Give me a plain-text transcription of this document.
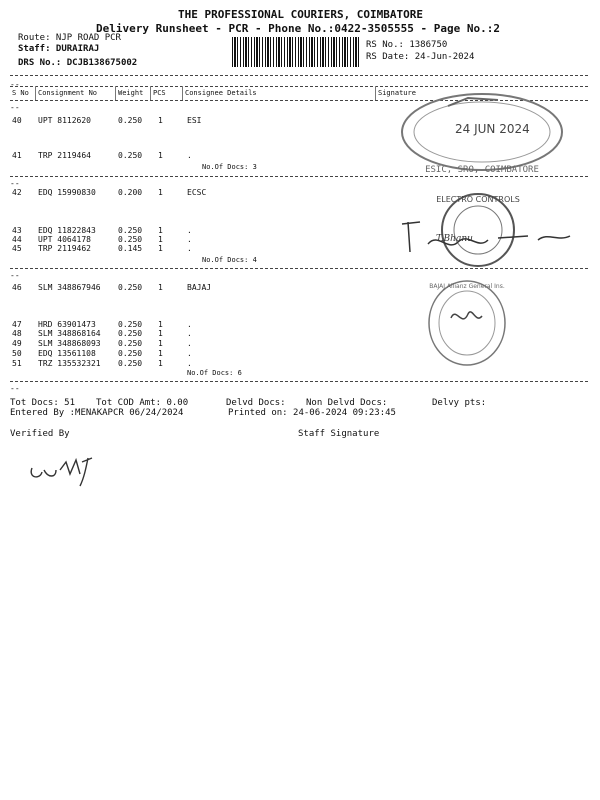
THE PROFESSIONAL COURIERS, COIMBATORE
Delivery Runsheet - PCR - Phone No.:0422-3505555 - Page No.:2
Route: NJP ROAD PCR
Staff: DURAIRAJ
DRS No.: DCJB138675002
RS No.: 1386750
RS Date: 24-Jun-2024
--
S No Consignment No	Weight PCS	Consignee Details	Signature
--
40 UPT 8112620	0.250 1	ESI
41 TRP 2119464	0.250 1	.
No.Of Docs: 3
--
42 EDQ 15990830	0.200 1	ECSC
43 EDQ 11822843	0.250 1	.
44 UPT 4064178	0.250 1	.
45 TRP 2119462	0.145 1	.
No.Of Docs: 4
--
46 SLM 348867946 0.250 1	BAJAJ
47 HRD 63901473	0.250 1	.
48 SLM 348868164 0.250 1	.
49 SLM 348868093 0.250 1	.
50 EDQ 13561108	0.250 1	.
51 TRZ 135532321 0.250 1	.
No.Of Docs: 6
--
ESIC, SRO, COIMBATORE
24 JUN 2024
ELECTRO CONTROLS
T.Bhanu
BAJAJ Allianz General Ins.
Tot Docs: 51 Tot COD Amt: 0.00	Delvd Docs: Non Delvd Docs:	Delvy pts:
Entered By :MENAKAPCR 06/24/2024	Printed on: 24-06-2024 09:23:45
Verified By	Staff Signature
Ramy
